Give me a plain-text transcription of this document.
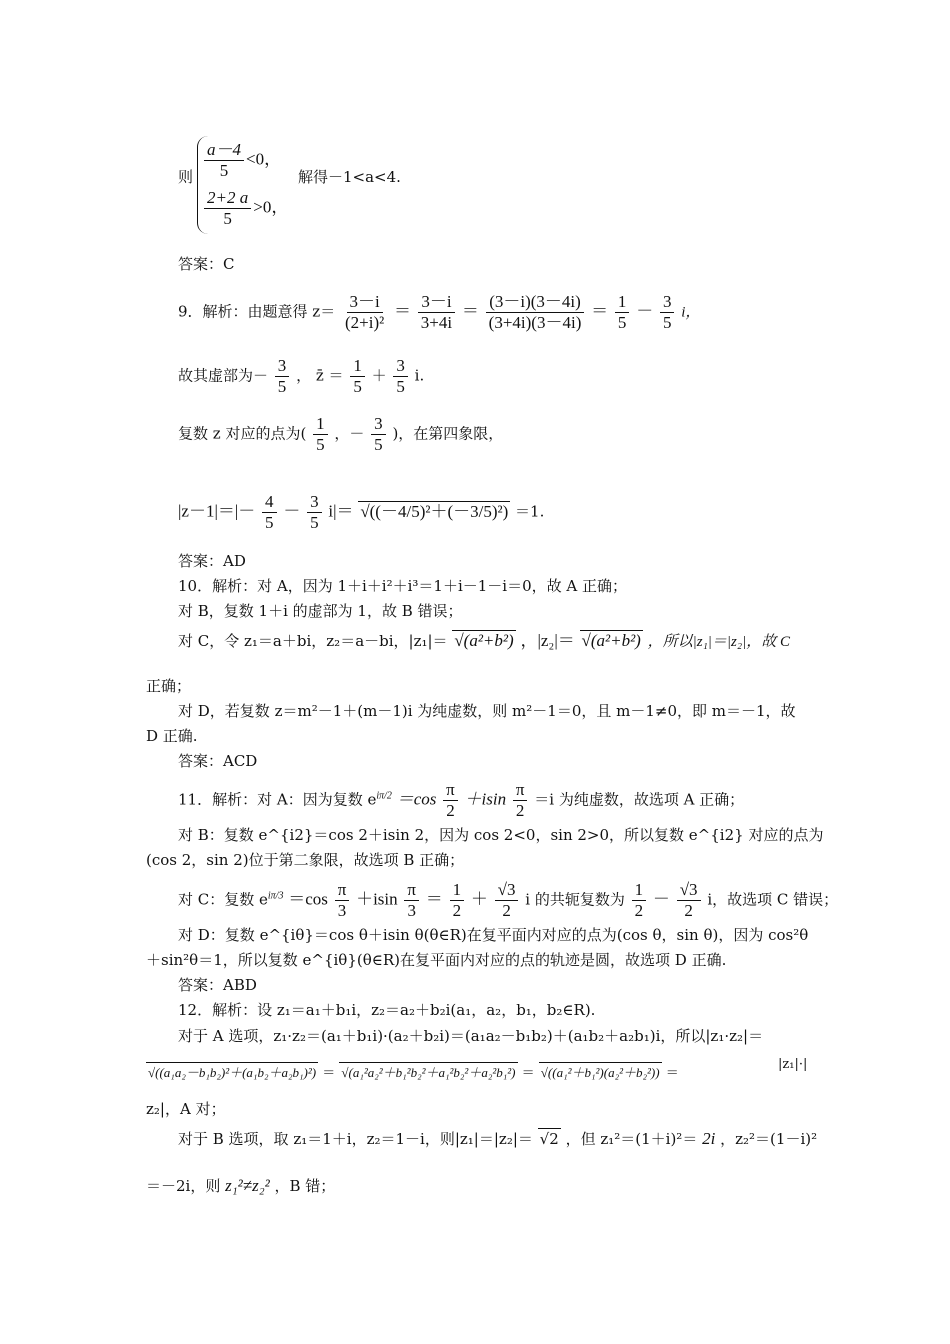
则 $\frac{a-4}{5} <0$，
$\frac{2+2 a}{5} >0$，
解得－1<a<4.
答案：C
9．解析：由题意得 $z= \frac{3-i}{\text{(2+i)²}} = \frac{3-i}{3+4i} = \frac{(3-i)(3-4i)}{(3+4i)(3-4i)} = \frac{1}{5} - \frac{3}{5}$ i，
故其虚部为－ $\frac{3}{5}$ ， z̄ ＝ $\frac{1}{5} + \frac{3}{5} i$.
复数 z 对应的点为( $\frac{1}{5}$ ，－ $\frac{3}{5}$ )，在第四象限，
$|z-1|=|- \frac{4}{5} - \frac{3}{5} i|= √((-4/5)^2+(-3/5)^2) =1$.
答案：AD
10．解析：对 A，因为 1＋i＋i²＋i³＝1＋i－1－i＝0，故 A 正确；
对 B，复数 1＋i 的虚部为 1，故 B 错误；
对 C，令 z₁＝a＋bi，z₂＝a－bi，|z₁|＝ √(a²+b²) ，|z₂|＝ √(a²+b²) ，所以|z₁|＝|z₂|，故 C
正确；
对 D，若复数 z＝m²－1＋(m－1)i 为纯虚数，则 m²－1＝0，且 m－1≠0，即 m＝－1，故
D 正确.
答案：ACD
11．解析：对 A：因为复数 $e^{i\pi/2} =\cos \frac{\pi}{2} +isin \frac{\pi}{2} =i$ 为纯虚数，故选项 A 正确；
对 B：复数 e^{i2}＝cos 2＋isin 2，因为 cos 2<0，sin 2>0，所以复数 e^{i2} 对应的点为
(cos 2，sin 2)位于第二象限，故选项 B 正确；
对 C：复数 $e^{i\pi/3} =\cos \frac{\pi}{3} +isin \frac{\pi}{3} = \frac{1}{2} + \frac{√3}{2}$ i 的共轭复数为 $\frac{1}{2} - \frac{√3}{2}$ i，故选项 C 错误；
对 D：复数 e^{iθ}＝cos θ＋isin θ(θ∈R)在复平面内对应的点为(cos θ，sin θ)，因为 cos²θ
＋sin²θ＝1，所以复数 e^{iθ}(θ∈R)在复平面内对应的点的轨迹是圆，故选项 D 正确.
答案：ABD
12．解析：设 z₁＝a₁＋b₁i，z₂＝a₂＋b₂i(a₁，a₂，b₁，b₂∈R).
对于 A 选项，z₁·z₂＝(a₁＋b₁i)·(a₂＋b₂i)＝(a₁a₂－b₁b₂)＋(a₁b₂＋a₂b₁)i，所以|z₁·z₂|＝
√((a₁a₂－b₁b₂)²＋(a₁b₂＋a₂b₁)²) ＝ √(a₁²a₂²＋b₁²b₂²＋a₁²b₂²＋a₂²b₁²) ＝ √((a₁²＋b₁²)(a₂²＋b₂²)) ＝
|z₁|·|
z₂|，A 对；
对于 B 选项，取 z₁＝1＋i，z₂＝1－i，则|z₁|＝|z₂|＝ √2 ，但 z₁²＝(1＋i)²＝ 2i ，z₂²＝(1－i)²
＝－2i，则 z₁²≠z₂² ，B 错；
